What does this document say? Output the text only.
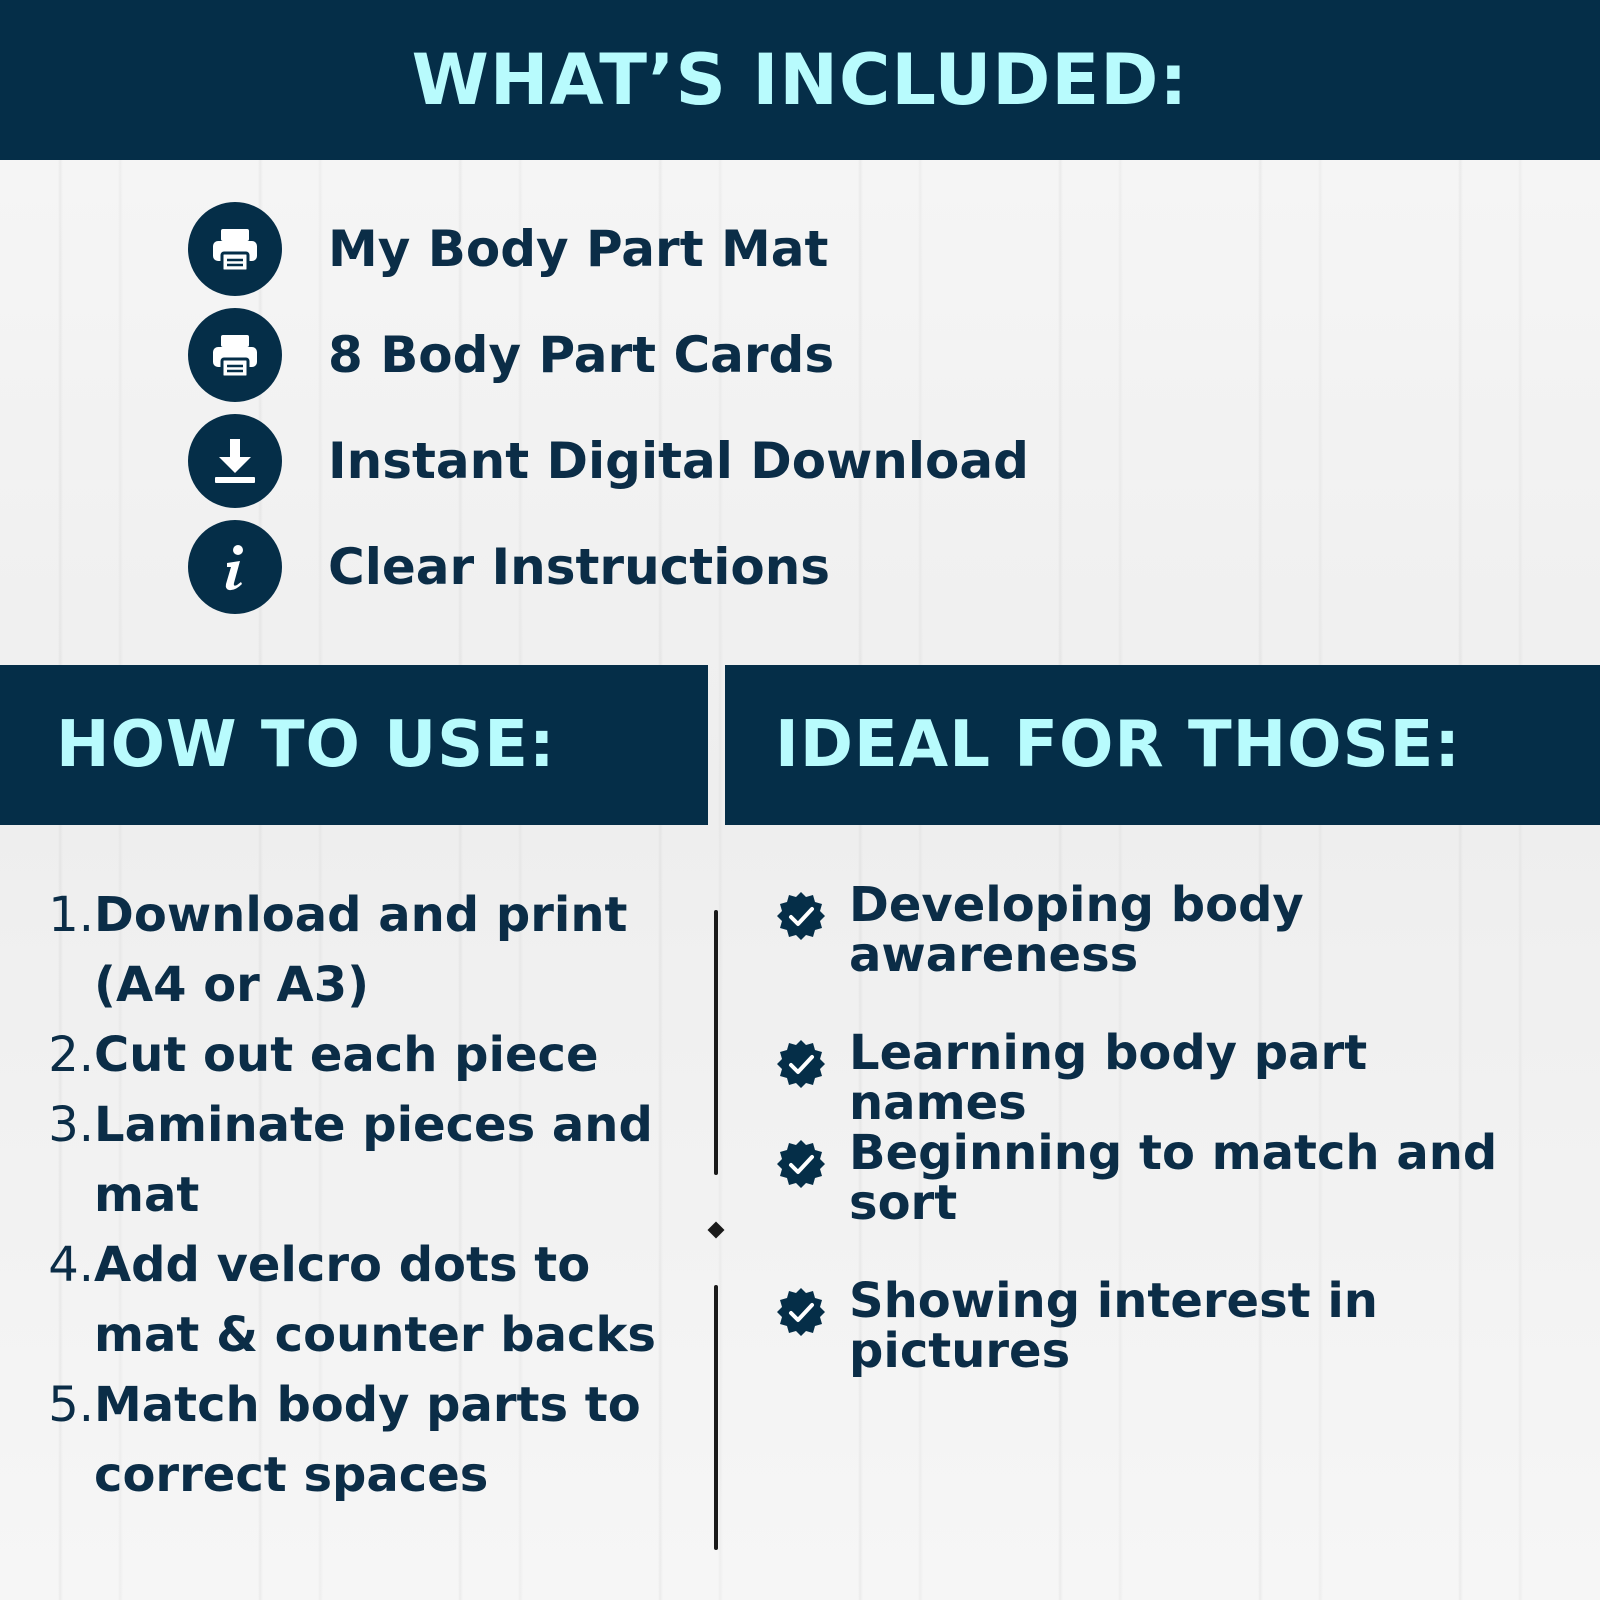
WHAT’S INCLUDED:
My Body Part Mat
8 Body Part Cards
Instant Digital Download
Clear Instructions
HOW TO USE:	IDEAL FOR THOSE:
1. Download and print (A4 or A3)
2. Cut out each piece
3. Laminate pieces and mat
4. Add velcro dots to mat & counter backs
5. Match body parts to correct spaces
Developing body awareness
Learning body part names
Beginning to match and sort
Showing interest in pictures
